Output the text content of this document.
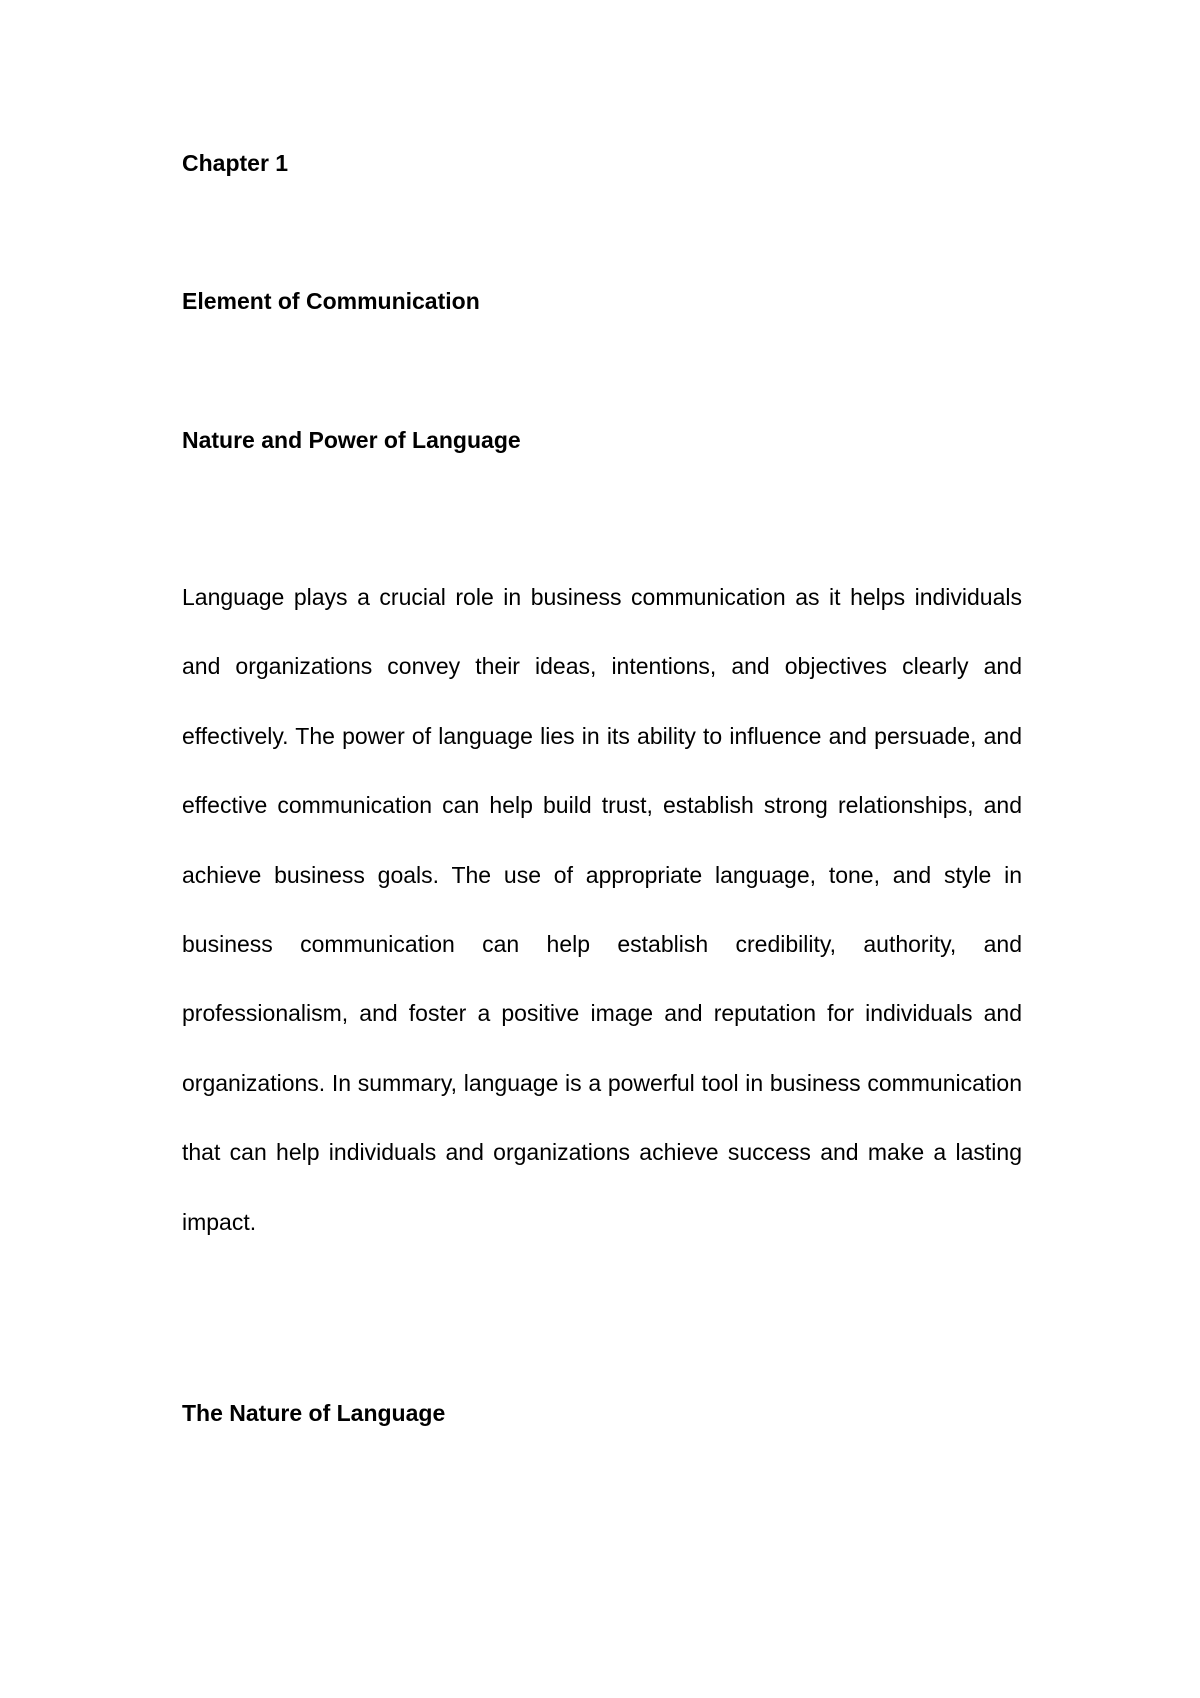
Chapter 1
Element of Communication
Nature and Power of Language

Language plays a crucial role in business communication as it helps individuals and organizations convey their ideas, intentions, and objectives clearly and effectively. The power of language lies in its ability to influence and persuade, and effective communication can help build trust, establish strong relationships, and achieve business goals. The use of appropriate language, tone, and style in business communication can help establish credibility, authority, and professionalism, and foster a positive image and reputation for individuals and organizations. In summary, language is a powerful tool in business communication that can help individuals and organizations achieve success and make a lasting impact.

The Nature of Language
